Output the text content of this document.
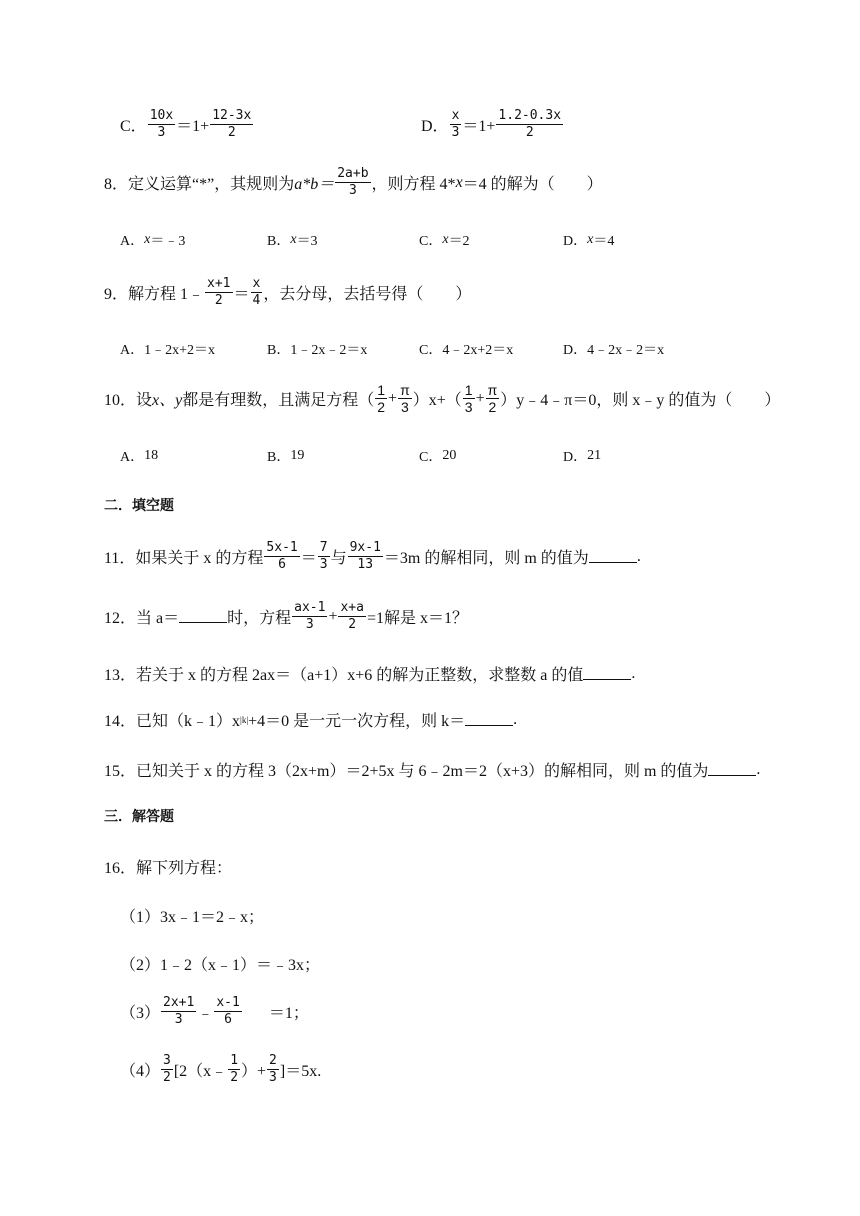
C． $\frac{10x}{3} =1+ \frac{12-3x}{2}$	D． $\frac{x}{3} =1+ \frac{1.2-0.3x}{2}$
8．定义运算“*”，其规则为 $a*b= \frac{2a+b}{3}$ ，则方程 4* x ＝4 的解为（　　）
A． x ＝﹣3	B． x ＝3	C． x ＝2	D． x ＝4
9．解方程 1﹣ $\frac{x+1}{2} = \frac{x}{4}$ ，去分母，去括号得（　　）
A． 1﹣2x+2＝x	B． 1﹣2x﹣2＝x	C． 4﹣2x+2＝x	D． 4﹣2x﹣2＝x
10．设 x、y 都是有理数，且满足方程（ $\frac{1}{2} + \frac{\pi}{3} )x+( \frac{1}{3} + \frac{\pi}{2}$ ）y﹣4﹣π＝0，则 x﹣y 的值为（　　）
A． 18	B． 19	C． 20	D． 21
二．填空题
11．如果关于 x 的方程 $\frac{5x-1}{6} = \frac{7}{3}$ 与 $\frac{9x-1}{13} =3m$ 的解相同，则 m 的值为	.
12．当 a＝	时，方程 $\frac{ax-1}{3} + \frac{x+a}{2} =1$解是 x＝1？
13．若关于 x 的方程 2ax＝（a+1）x+6 的解为正整数，求整数 a 的值	.
14．已知（k﹣1）x |k| +4＝0 是一元一次方程，则 k＝	.
15．已知关于 x 的方程 3（2x+m）＝2+5x 与 6﹣2m＝2（x+3）的解相同，则 m 的值为	.
三．解答题
16．解下列方程：
（1）3x﹣1＝2﹣x；
（2）1﹣2（x﹣1）＝﹣3x；
$(3) \frac{2x+1}{3}$ ﹣ $\frac{x-1}{6} =1$；
$(4) \frac{3}{2}$ [2（x﹣ $\frac{1}{2}$ ）+ $\frac{2}{3} ]=5x$.
